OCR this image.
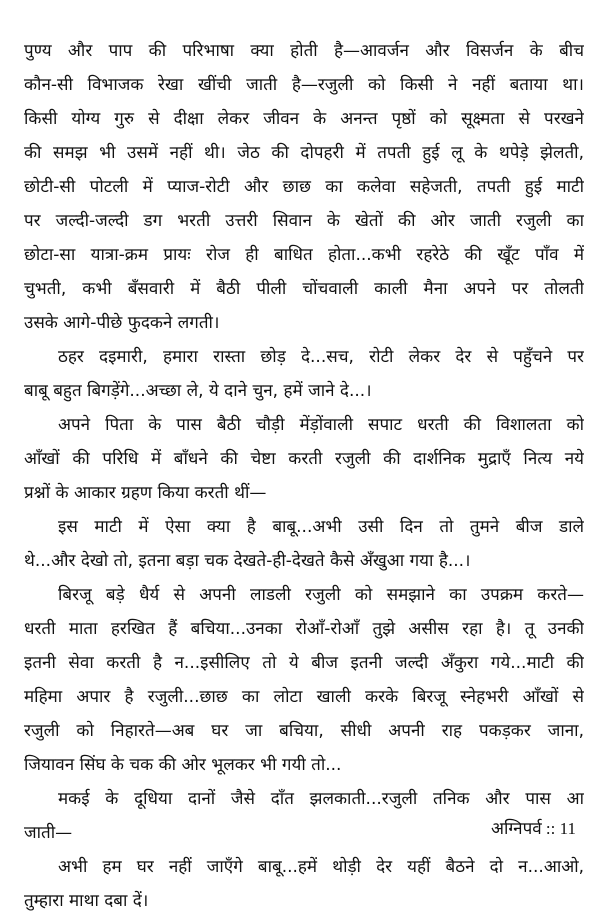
पुण्य और पाप की परिभाषा क्या होती है—आवर्जन और विसर्जन के बीच
कौन-सी विभाजक रेखा खींची जाती है—रजुली को किसी ने नहीं बताया था।
किसी योग्य गुरु से दीक्षा लेकर जीवन के अनन्त पृष्ठों को सूक्ष्मता से परखने
की समझ भी उसमें नहीं थी। जेठ की दोपहरी में तपती हुई लू के थपेड़े झेलती,
छोटी-सी पोटली में प्याज-रोटी और छाछ का कलेवा सहेजती, तपती हुई माटी
पर जल्दी-जल्दी डग भरती उत्तरी सिवान के खेतों की ओर जाती रजुली का
छोटा-सा यात्रा-क्रम प्रायः रोज ही बाधित होता...कभी रहरेठे की खूँट पाँव में
चुभती, कभी बँसवारी में बैठी पीली चोंचवाली काली मैना अपने पर तोलती
उसके आगे-पीछे फुदकने लगती।
ठहर दइमारी, हमारा रास्ता छोड़ दे...सच, रोटी लेकर देर से पहुँचने पर
बाबू बहुत बिगड़ेंगे...अच्छा ले, ये दाने चुन, हमें जाने दे...।
अपने पिता के पास बैठी चौड़ी मेंड़ोंवाली सपाट धरती की विशालता को
आँखों की परिधि में बाँधने की चेष्टा करती रजुली की दार्शनिक मुद्राएँ नित्य नये
प्रश्नों के आकार ग्रहण किया करती थीं—
इस माटी में ऐसा क्या है बाबू...अभी उसी दिन तो तुमने बीज डाले
थे...और देखो तो, इतना बड़ा चक देखते-ही-देखते कैसे अँखुआ गया है...।
बिरजू बड़े धैर्य से अपनी लाडली रजुली को समझाने का उपक्रम करते—
धरती माता हरखित हैं बचिया...उनका रोआँ-रोआँ तुझे असीस रहा है। तू उनकी
इतनी सेवा करती है न...इसीलिए तो ये बीज इतनी जल्दी अँकुरा गये...माटी की
महिमा अपार है रजुली...छाछ का लोटा खाली करके बिरजू स्नेहभरी आँखों से
रजुली को निहारते—अब घर जा बचिया, सीधी अपनी राह पकड़कर जाना,
जियावन सिंघ के चक की ओर भूलकर भी गयी तो...
मकई के दूधिया दानों जैसे दाँत झलकाती...रजुली तनिक और पास आ
जाती—
अभी हम घर नहीं जाएँगे बाबू...हमें थोड़ी देर यहीं बैठने दो न...आओ,
तुम्हारा माथा दबा दें।
अग्निपर्व :: 11
